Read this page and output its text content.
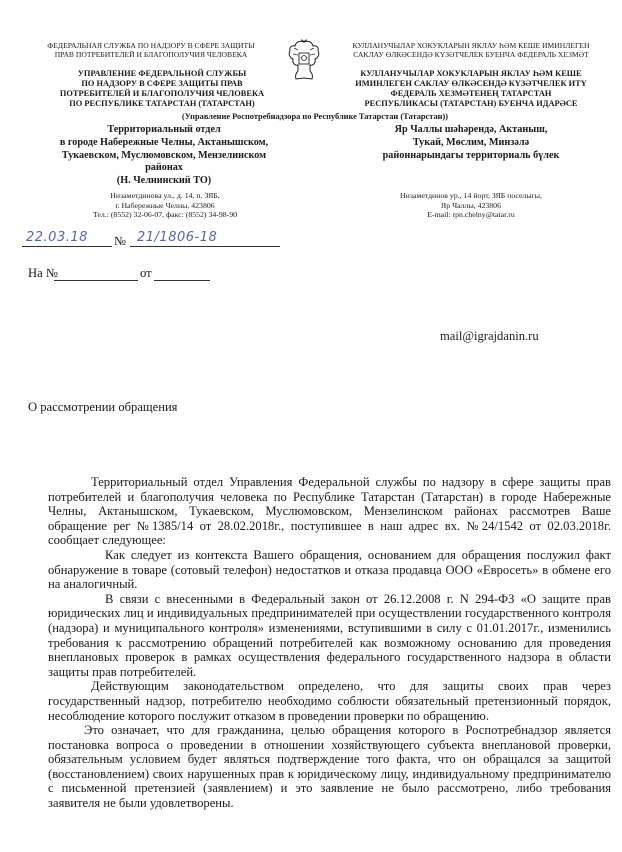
ФЕДЕРАЛЬНАЯ СЛУЖБА ПО НАДЗОРУ В СФЕРЕ ЗАЩИТЫ
ПРАВ ПОТРЕБИТЕЛЕЙ И БЛАГОПОЛУЧИЯ ЧЕЛОВЕКА
КУЛЛАНУЧЫЛАР ХОКУКЛАРЫН ЯКЛАУ ҺӘМ КЕШЕ ИМИНЛЕГЕН
САКЛАУ ӨЛКӘСЕНДӘ КҮЗӘТЧЕЛЕК БУЕНЧА ФЕДЕРАЛЬ ХЕЗМӘТ
УПРАВЛЕНИЕ ФЕДЕРАЛЬНОЙ СЛУЖБЫ
ПО НАДЗОРУ В СФЕРЕ ЗАЩИТЫ ПРАВ
ПОТРЕБИТЕЛЕЙ И БЛАГОПОЛУЧИЯ ЧЕЛОВЕКА
ПО РЕСПУБЛИКЕ ТАТАРСТАН (ТАТАРСТАН)
КУЛЛАНУЧЫЛАР ХОКУКЛАРЫН ЯКЛАУ ҺӘМ КЕШЕ
ИМИНЛЕГЕН САКЛАУ ӨЛКӘСЕНДӘ КҮЗӘТЧЕЛЕК ИТҮ
ФЕДЕРАЛЬ ХЕЗМӘТЕНЕҢ ТАТАРСТАН
РЕСПУБЛИКАСЫ (ТАТАРСТАН) БУЕНЧА ИДАРӘСЕ
(Управление Роспотребнадзора по Республике Татарстан (Татарстан))
Территориальный отдел
в городе Набережные Челны, Актанышском,
Тукаевском, Муслюмовском, Мензелинском
районах
(Н. Челнинский ТО)
Яр Чаллы шәһәрендә, Актаныш,
Тукай, Мөслим, Минзәлә
районнарындагы территориаль бүлек
Низаметдинова ул., д. 14, п. ЗЯБ,
г. Набережные Челны, 423806
Тел.: (8552) 32-06-07, факс: (8552) 34-98-90
Низаметдинов ур., 14 йорт, ЗЯБ поселыгы,
Яр Чаллы, 423806
E-mail: rpn.chelny@tatar.ru
22.03.18 № 21/1806-18
На №	от
mail@igrajdanin.ru
О рассмотрении обращения

Территориальный отдел Управления Федеральной службы по надзору в сфере защиты прав потребителей и благополучия человека по Республике Татарстан (Татарстан) в городе Набережные Челны, Актанышском, Тукаевском, Муслюмовском, Мензелинском районах рассмотрев Ваше обращение рег №1385/14 от 28.02.2018г., поступившее в наш адрес вх. №24/1542 от 02.03.2018г. сообщает следующее:

Как следует из контекста Вашего обращения, основанием для обращения послужил факт обнаружение в товаре (сотовый телефон) недостатков и отказа продавца ООО «Евросеть» в обмене его на аналогичный.

В связи с внесенными в Федеральный закон от 26.12.2008 г. N 294-ФЗ «О защите прав юридических лиц и индивидуальных предпринимателей при осуществлении государственного контроля (надзора) и муниципального контроля» изменениями, вступившими в силу с 01.01.2017г., изменились требования к рассмотрению обращений потребителей как возможному основанию для проведения внеплановых проверок в рамках осуществления федерального государственного надзора в области защиты прав потребителей.

Действующим законодательством определено, что для защиты своих прав через государственный надзор, потребителю необходимо соблюсти обязательный претензионный порядок, несоблюдение которого послужит отказом в проведении проверки по обращению.

Это означает, что для гражданина, целью обращения которого в Роспотребнадзор является постановка вопроса о проведении в отношении хозяйствующего субъекта внеплановой проверки, обязательным условием будет являться подтверждение того факта, что он обращался за защитой (восстановлением) своих нарушенных прав к юридическому лицу, индивидуальному предпринимателю с письменной претензией (заявлением) и это заявление не было рассмотрено, либо требования заявителя не были удовлетворены.
